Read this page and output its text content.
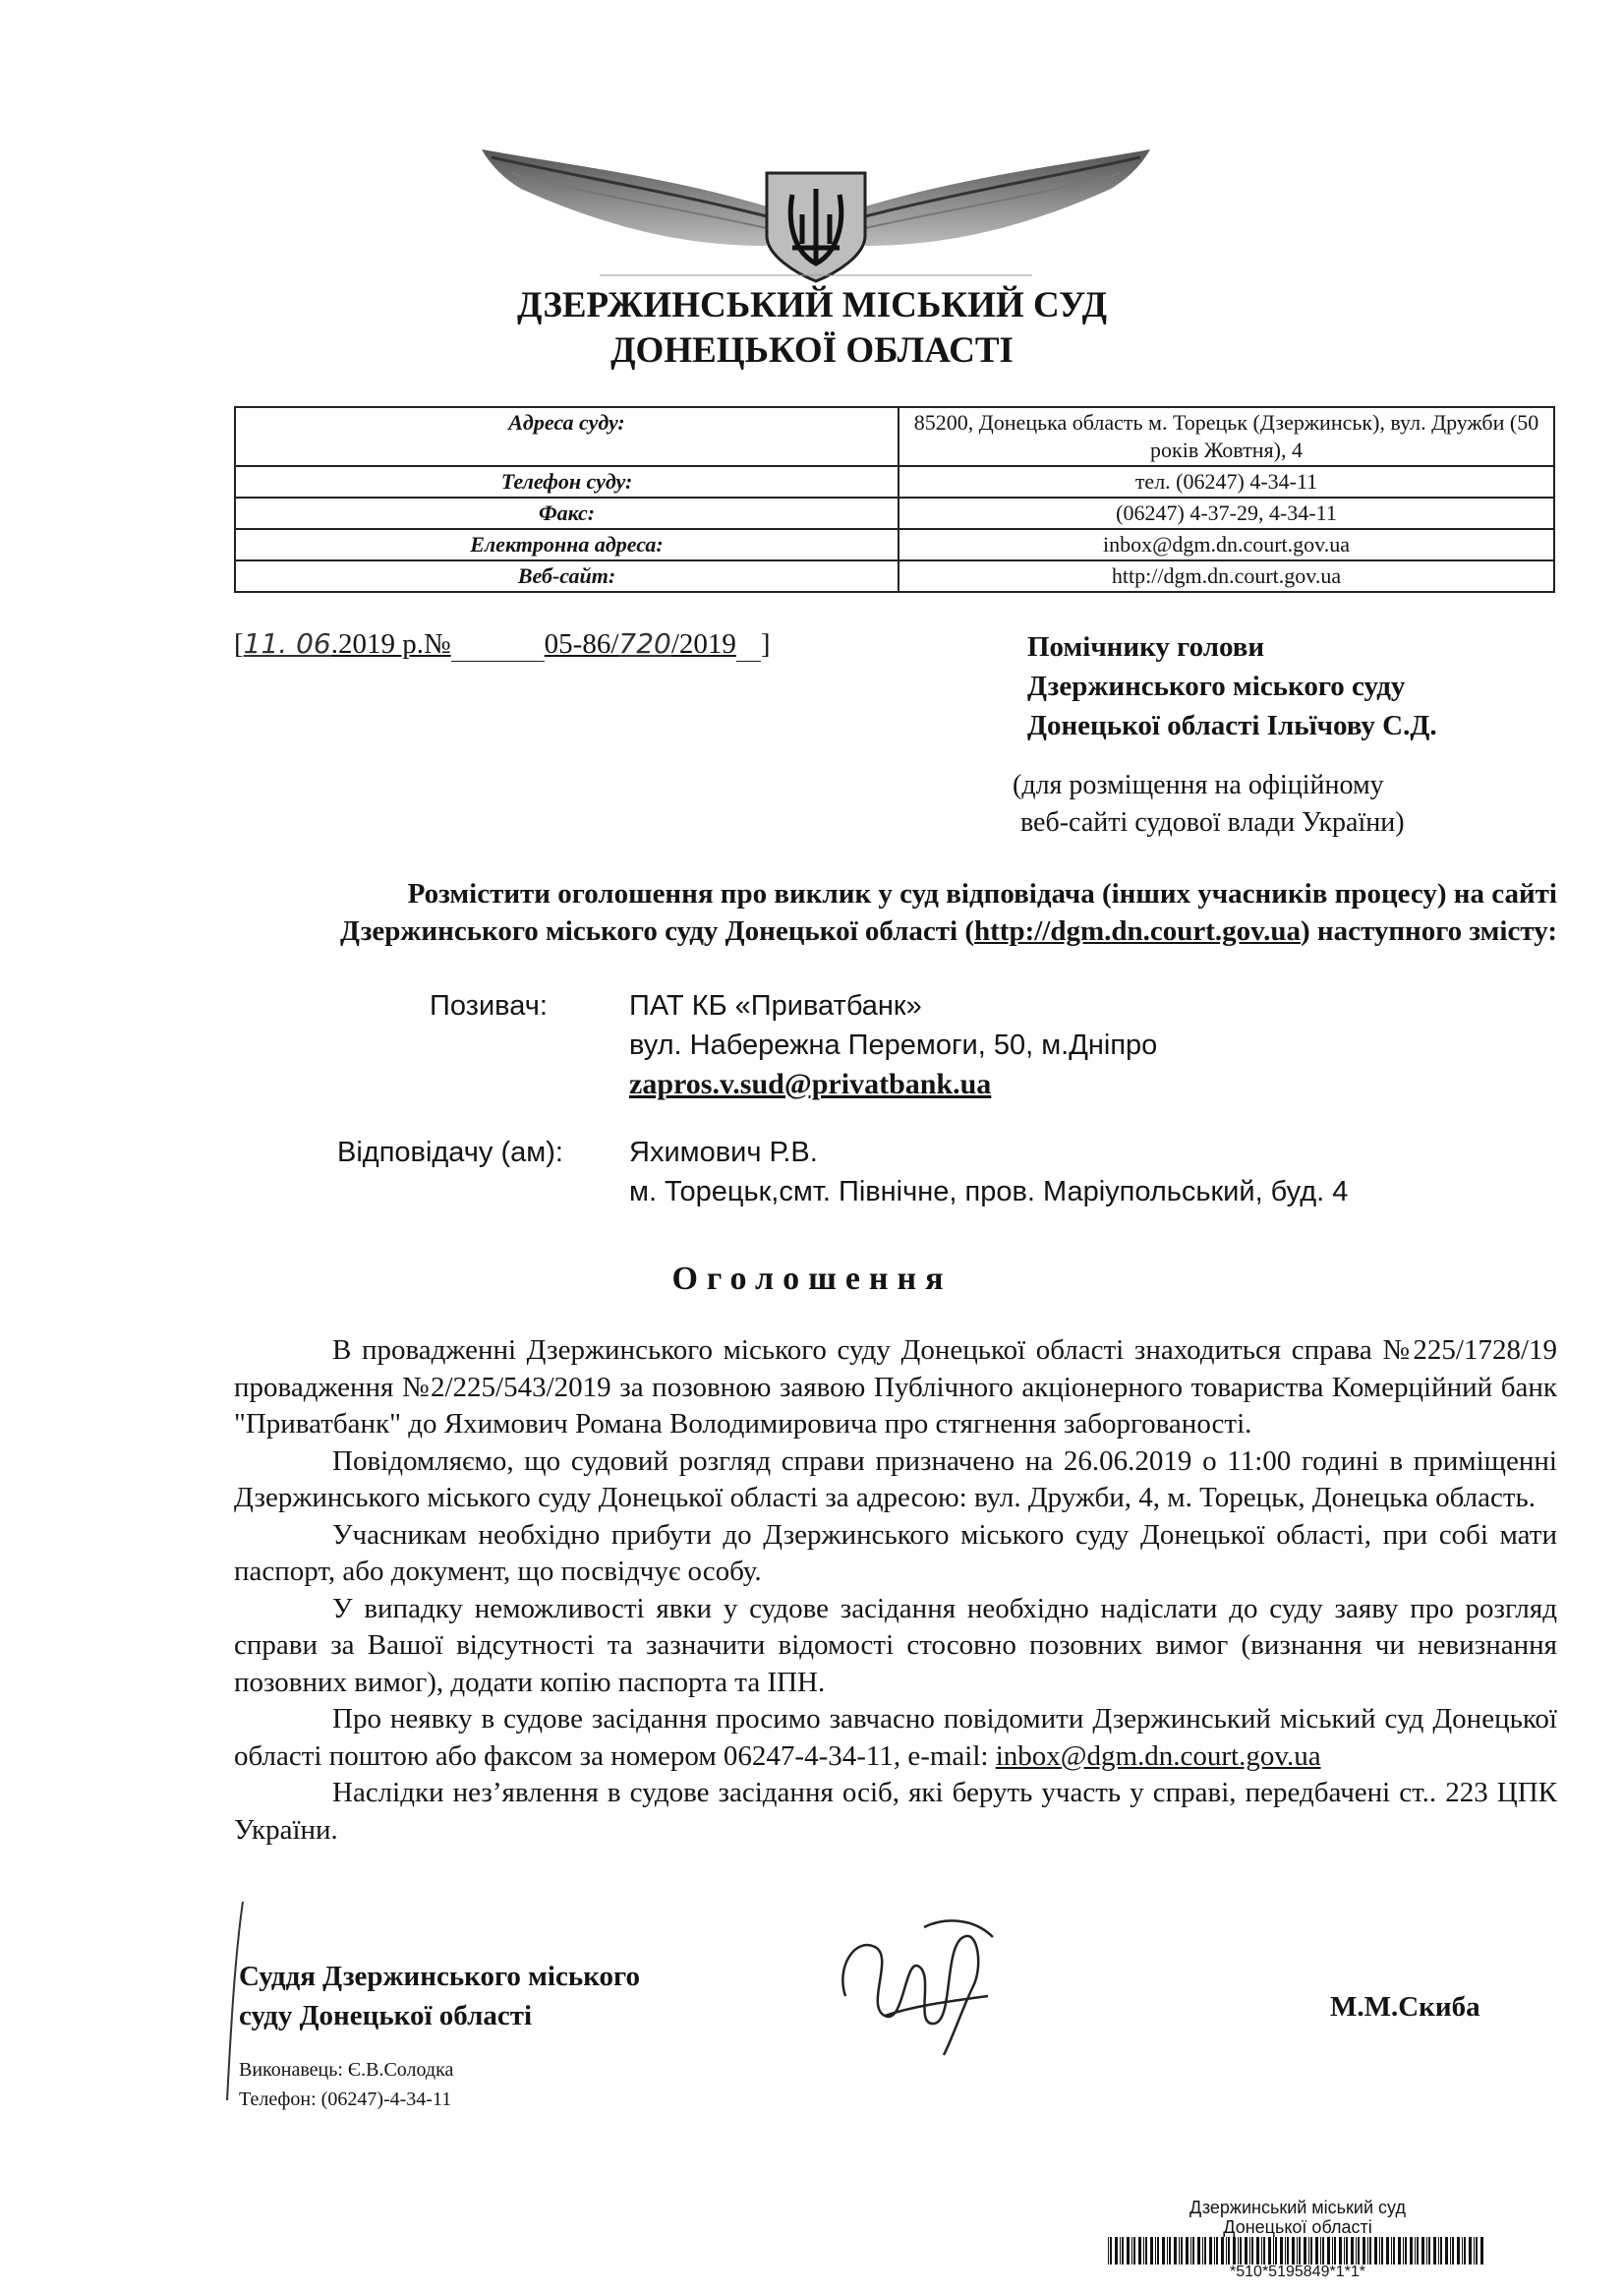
ДЗЕРЖИНСЬКИЙ МІСЬКИЙ СУД
ДОНЕЦЬКОЇ ОБЛАСТІ
Адреса суду:	85200, Донецька область м. Торецьк (Дзержинськ), вул. Дружби (50 років Жовтня), 4
Телефон суду:	тел. (06247) 4-34-11
Факс:	(06247) 4-37-29, 4-34-11
Електронна адреса:	inbox@dgm.dn.court.gov.ua
Веб-сайт:	http://dgm.dn.court.gov.ua
[11. 06.2019 р.№	05-86/720/2019 ]	Помічнику голови
Дзержинського міського суду
Донецької області Ільїчову С.Д.
(для розміщення на офіційному
веб-сайті судової влади України)
Розмістити оголошення про виклик у суд відповідача (інших учасників процесу) на сайті
Дзержинського міського суду Донецької області (http://dgm.dn.court.gov.ua) наступного змісту:
Позивач:	ПАТ КБ «Приватбанк»
вул. Набережна Перемоги, 50, м.Дніпро
zapros.v.sud@privatbank.ua
Відповідачу (ам): Яхимович Р.В.
м. Торецьк,смт. Північне, пров. Маріупольський, буд. 4
Оголошення

В провадженні Дзержинського міського суду Донецької області знаходиться справа №225/1728/19 провадження №2/225/543/2019 за позовною заявою Публічного акціонерного товариства Комерційний банк "Приватбанк" до Яхимович Романа Володимировича про стягнення заборгованості.

Повідомляємо, що судовий розгляд справи призначено на 26.06.2019 о 11:00 годині в приміщенні Дзержинського міського суду Донецької області за адресою: вул. Дружби, 4, м. Торецьк, Донецька область.

Учасникам необхідно прибути до Дзержинського міського суду Донецької області, при собі мати паспорт, або документ, що посвідчує особу.

У випадку неможливості явки у судове засідання необхідно надіслати до суду заяву про розгляд справи за Вашої відсутності та зазначити відомості стосовно позовних вимог (визнання чи невизнання позовних вимог), додати копію паспорта та ІПН.

Про неявку в судове засідання просимо завчасно повідомити Дзержинський міський суд Донецької області поштою або факсом за номером 06247-4-34-11, e-mail: inbox@dgm.dn.court.gov.ua

Наслідки нез’явлення в судове засідання осіб, які беруть участь у справі, передбачені ст.. 223 ЦПК України.

Суддя Дзержинського міського
суду Донецької області	М.М.Скиба
Виконавець: Є.В.Солодка
Телефон: (06247)-4-34-11
Дзержинський міський суд
Донецької області
*510*5195849*1*1*
